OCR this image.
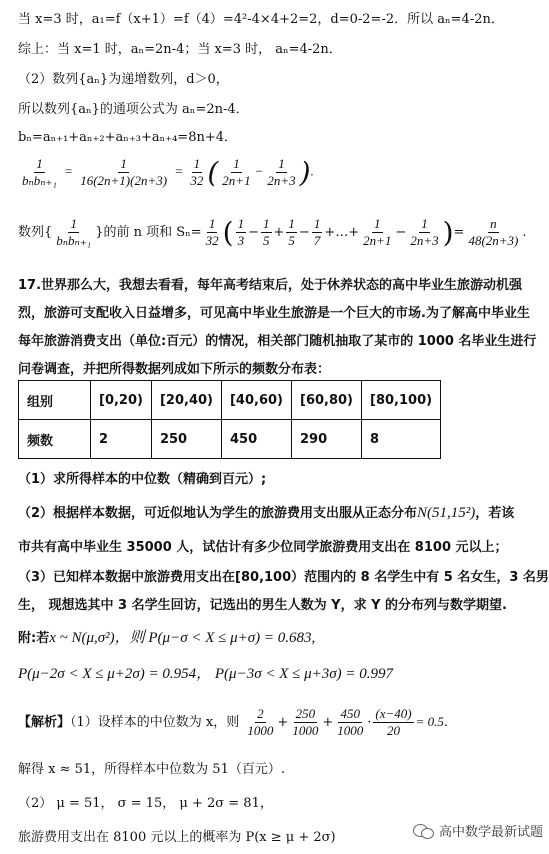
当 x=3 时，a₁=f（x+1）=f（4）=4²-4×4+2=2，d=0-2=-2．所以 aₙ=4-2n．
综上：当 x=1 时，aₙ=2n-4；当 x=3 时， aₙ=4-2n．
（2）数列{aₙ}为递增数列，d＞0，
所以数列{aₙ}的通项公式为 aₙ=2n-4．
bₙ=aₙ₊₁+aₙ₊₂+aₙ₊₃+aₙ₊₄=8n+4．
$\frac{1}{\text{bₙbₙ₊₁}} = \frac{1}{16(2n+1)(2n+3)} = \frac{1}{32}$ ( $\frac{1}{2n+1} - \frac{1}{2n+3}$ ).
数列{ $\frac{1}{\text{bₙbₙ₊₁}}$ }的前 n 项和 $S_n= \frac{1}{32}$ ( $\frac{1}{3} - \frac{1}{5} + \frac{1}{5} - \frac{1}{7}$ +…+ $\frac{1}{2n+1} - \frac{1}{2n+3}$ )= $\frac{n}{48(2n+3)}$ .
17.世界那么大，我想去看看，每年高考结束后，处于休养状态的高中毕业生旅游动机强
烈，旅游可支配收入日益增多，可见高中毕业生旅游是一个巨大的市场.为了解高中毕业生
每年旅游消费支出（单位:百元）的情况，相关部门随机抽取了某市的 1000 名毕业生进行
问卷调查，并把所得数据列成如下所示的频数分布表：
组别	[0,20)	[20,40)	[40,60)	[60,80)	[80,100)
频数	2	250	450	290	8
（1）求所得样本的中位数（精确到百元）;
（2）根据样本数据，可近似地认为学生的旅游费用支出服从正态分布N(51,15²)，若该
市共有高中毕业生 35000 人，试估计有多少位同学旅游费用支出在 8100 元以上；
（3）已知样本数据中旅游费用支出在[80,100）范围内的 8 名学生中有 5 名女生，3 名男
生， 现想选其中 3 名学生回访，记选出的男生人数为 Y，求 Y 的分布列与数学期望.
附:若x ~ N(μ,σ²)，则 P(μ−σ < X ≤ μ+σ) = 0.683,
P(μ−2σ < X ≤ μ+2σ) = 0.954， P(μ−3σ < X ≤ μ+3σ) = 0.997
【解析】（1）设样本的中位数为 x，则 $\frac{2}{1000} + \frac{250}{1000} + \frac{450}{1000} \cdot \frac{(x-40)}{20} = 0.5$．
解得 x ≈ 51，所得样本中位数为 51（百元）.
（2） μ = 51， σ = 15， μ + 2σ = 81，
旅游费用支出在 8100 元以上的概率为 P(x ≥ μ + 2σ)	高中数学最新试题
